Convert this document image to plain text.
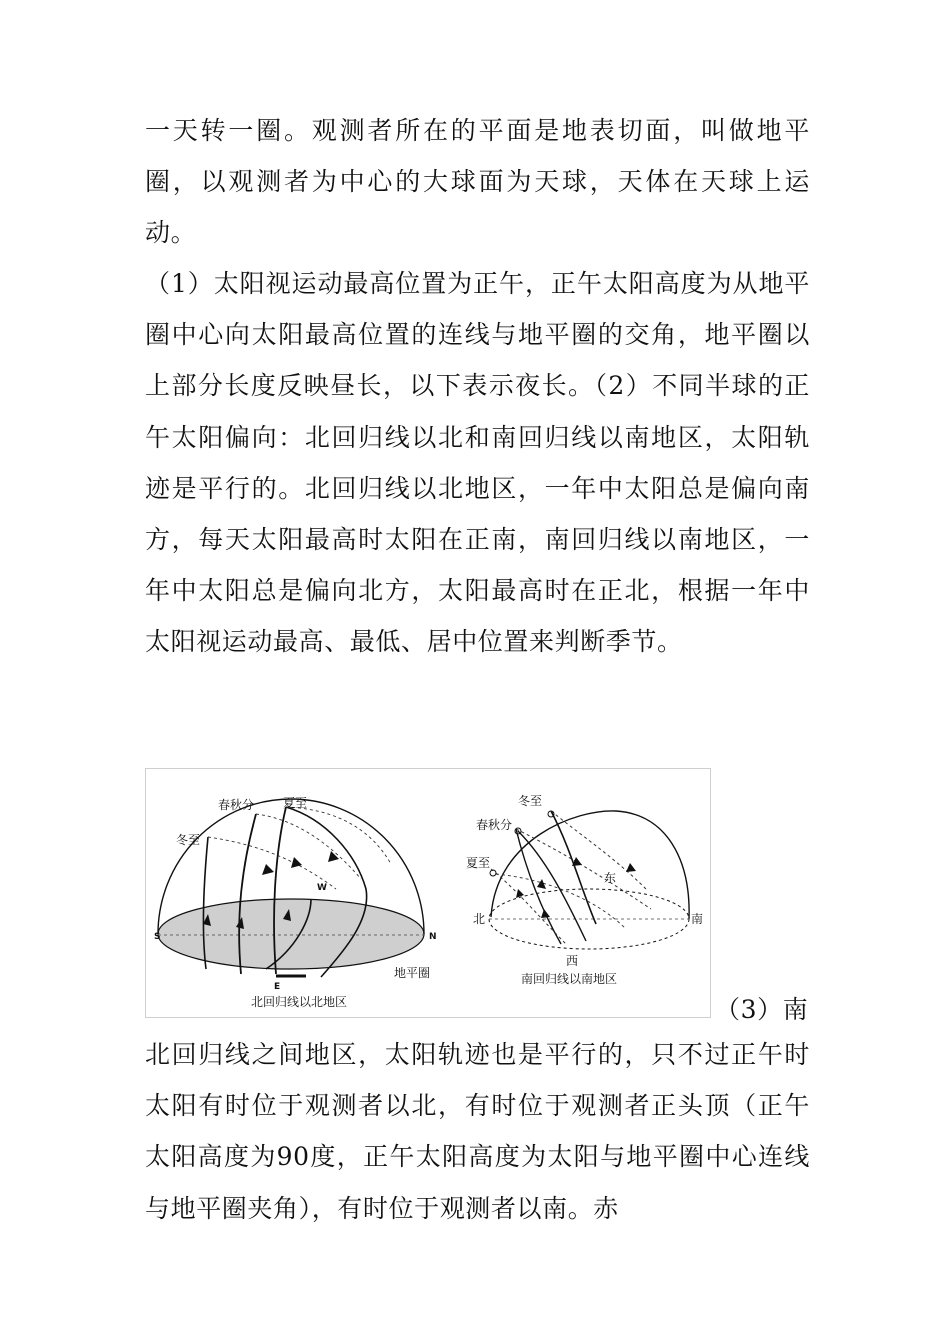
一天转一圈。观测者所在的平面是地表切面，叫做地平圈，以观测者为中心的大球面为天球，天体在天球上运动。

（1）太阳视运动最高位置为正午，正午太阳高度为从地平圈中心向太阳最高位置的连线与地平圈的交角，地平圈以上部分长度反映昼长，以下表示夜长。（2）不同半球的正午太阳偏向：北回归线以北和南回归线以南地区，太阳轨迹是平行的。北回归线以北地区，一年中太阳总是偏向南方，每天太阳最高时太阳在正南，南回归线以南地区，一年中太阳总是偏向北方，太阳最高时在正北，根据一年中太阳视运动最高、最低、居中位置来判断季节。

春秋分 夏至
冬至
W
S	N
E
地平圈
北回归线以北地区
冬至
春秋分
夏至
东
北	南
西
南回归线以南地区
（3）南

北回归线之间地区，太阳轨迹也是平行的，只不过正午时太阳有时位于观测者以北，有时位于观测者正头顶（正午太阳高度为90度，正午太阳高度为太阳与地平圈中心连线与地平圈夹角），有时位于观测者以南。赤
